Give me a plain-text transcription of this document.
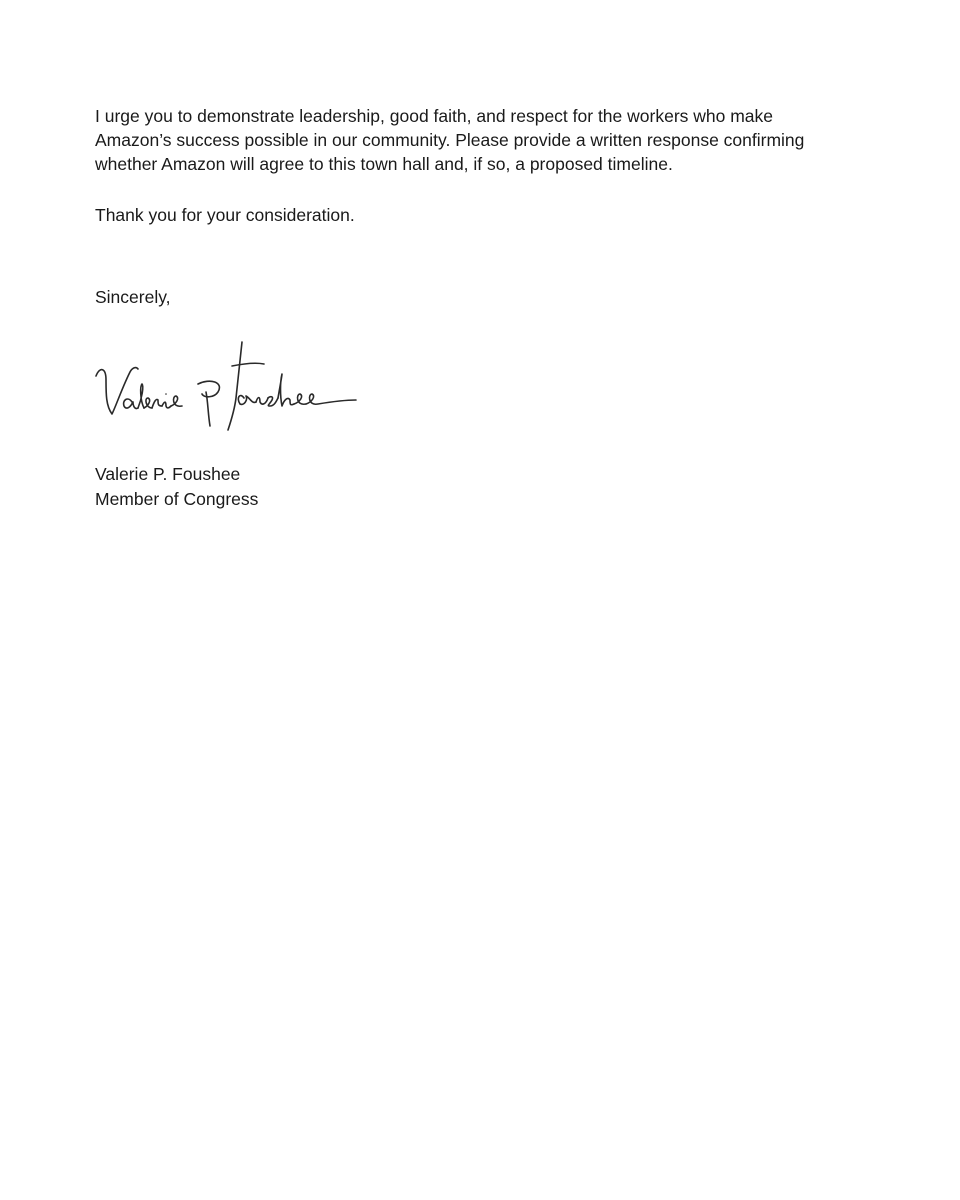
I urge you to demonstrate leadership, good faith, and respect for the workers who make
Amazon’s success possible in our community. Please provide a written response confirming
whether Amazon will agree to this town hall and, if so, a proposed timeline.

Thank you for your consideration.

Sincerely,

Valerie P. Foushee
Member of Congress
